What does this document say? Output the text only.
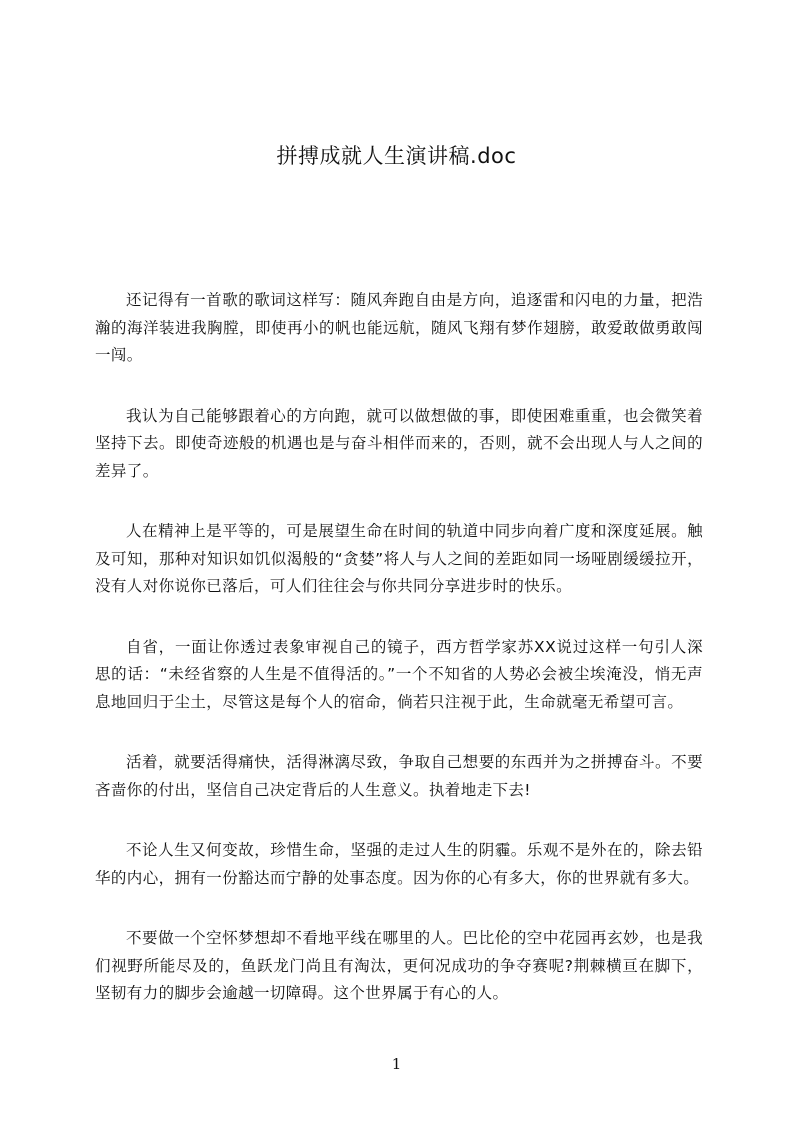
拼搏成就人生演讲稿.doc

还记得有一首歌的歌词这样写：随风奔跑自由是方向，追逐雷和闪电的力量，把浩瀚的海洋装进我胸膛，即使再小的帆也能远航，随风飞翔有梦作翅膀，敢爱敢做勇敢闯一闯。

我认为自己能够跟着心的方向跑，就可以做想做的事，即使困难重重，也会微笑着坚持下去。即使奇迹般的机遇也是与奋斗相伴而来的，否则，就不会出现人与人之间的差异了。

人在精神上是平等的，可是展望生命在时间的轨道中同步向着广度和深度延展。触及可知，那种对知识如饥似渴般的“贪婪”将人与人之间的差距如同一场哑剧缓缓拉开，没有人对你说你已落后，可人们往往会与你共同分享进步时的快乐。

自省，一面让你透过表象审视自己的镜子，西方哲学家苏XX说过这样一句引人深思的话：“未经省察的人生是不值得活的。”一个不知省的人势必会被尘埃淹没，悄无声息地回归于尘土，尽管这是每个人的宿命，倘若只注视于此，生命就毫无希望可言。

活着，就要活得痛快，活得淋漓尽致，争取自己想要的东西并为之拼搏奋斗。不要吝啬你的付出，坚信自己决定背后的人生意义。执着地走下去!

不论人生又何变故，珍惜生命，坚强的走过人生的阴霾。乐观不是外在的，除去铅华的内心，拥有一份豁达而宁静的处事态度。因为你的心有多大，你的世界就有多大。

不要做一个空怀梦想却不看地平线在哪里的人。巴比伦的空中花园再玄妙，也是我们视野所能尽及的，鱼跃龙门尚且有淘汰，更何况成功的争夺赛呢?荆棘横亘在脚下，坚韧有力的脚步会逾越一切障碍。这个世界属于有心的人。

1
